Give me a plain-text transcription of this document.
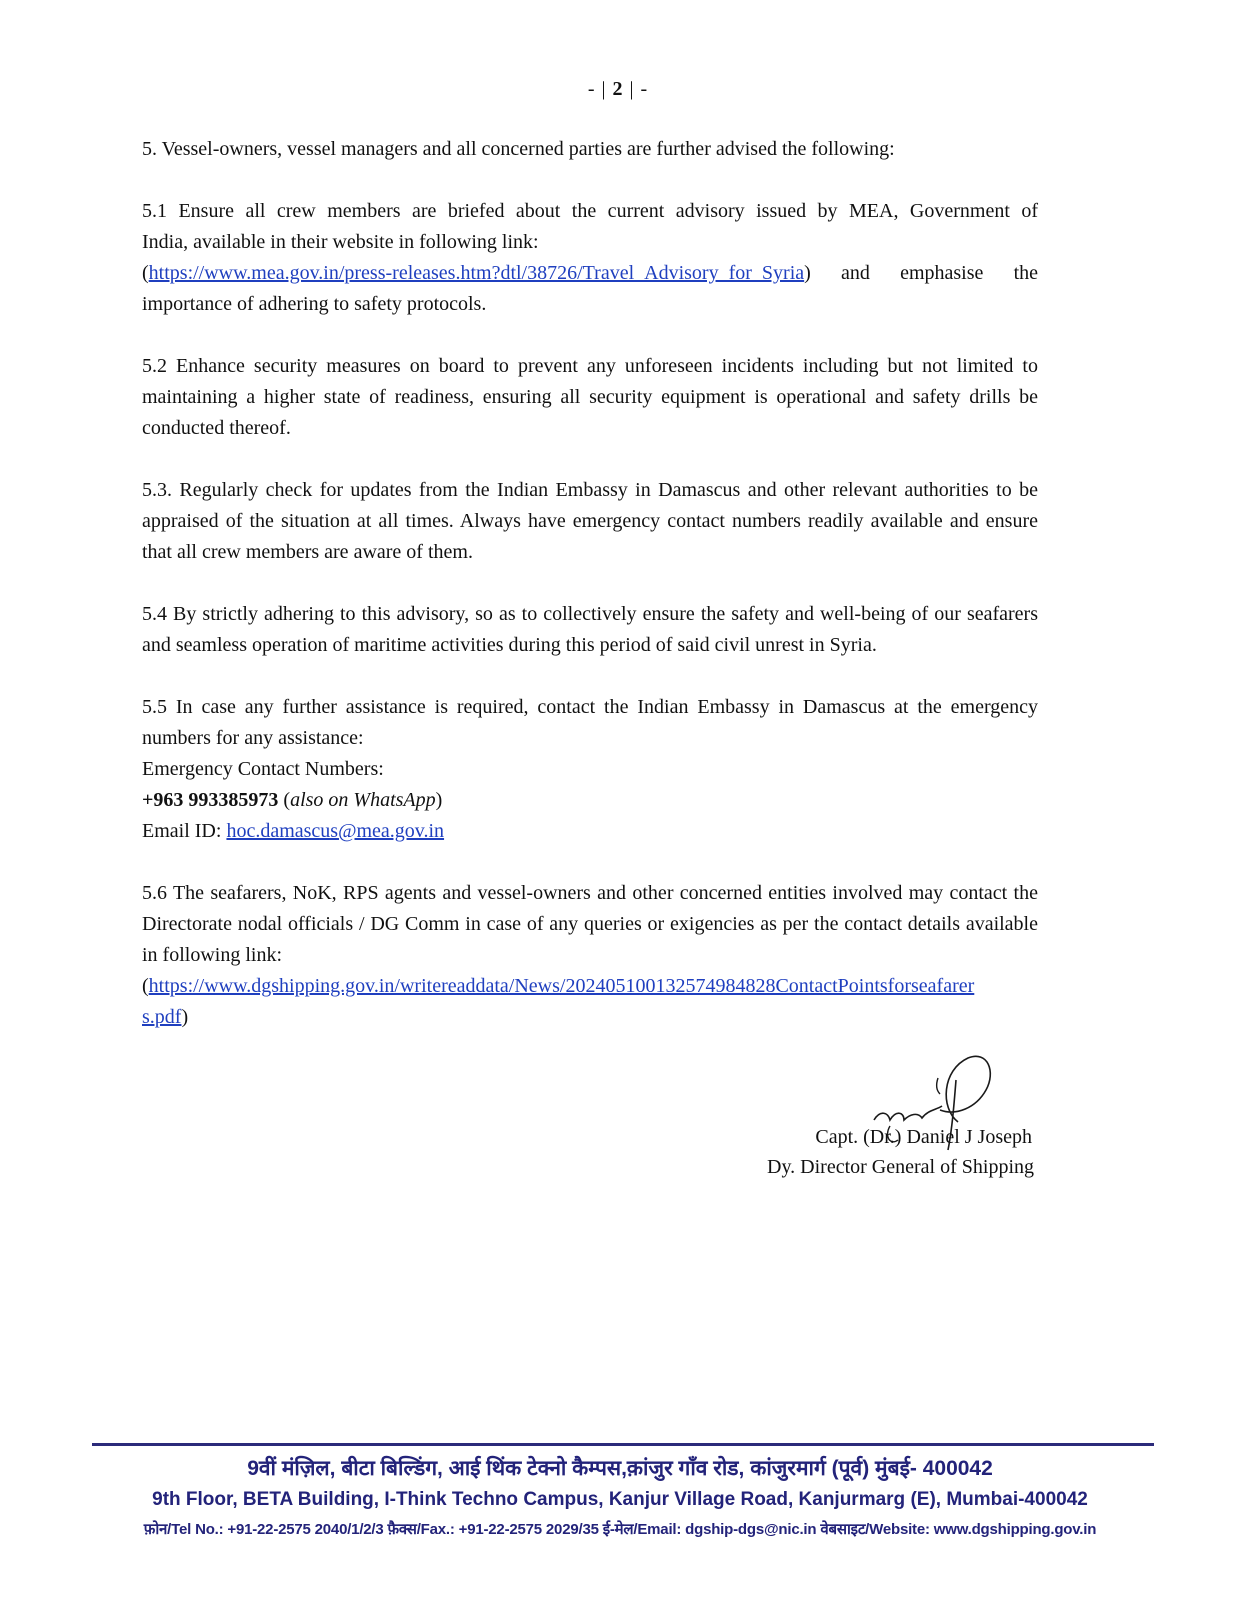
- | 2 | -

5. Vessel-owners, vessel managers and all concerned parties are further advised the following:

5.1 Ensure all crew members are briefed about the current advisory issued by MEA, Government of
India, available in their website in following link:
(https://www.mea.gov.in/press-releases.htm?dtl/38726/Travel_Advisory_for_Syria) and emphasise the
importance of adhering to safety protocols.

5.2 Enhance security measures on board to prevent any unforeseen incidents including but not limited to maintaining a higher state of readiness, ensuring all security equipment is operational and safety drills be conducted thereof.

5.3. Regularly check for updates from the Indian Embassy in Damascus and other relevant authorities to be appraised of the situation at all times. Always have emergency contact numbers readily available and ensure that all crew members are aware of them.

5.4 By strictly adhering to this advisory, so as to collectively ensure the safety and well-being of our seafarers and seamless operation of maritime activities during this period of said civil unrest in Syria.

5.5 In case any further assistance is required, contact the Indian Embassy in Damascus at the emergency numbers for any assistance:
Emergency Contact Numbers:
+963 993385973 (also on WhatsApp)
Email ID: hoc.damascus@mea.gov.in
5.6 The seafarers, NoK, RPS agents and vessel-owners and other concerned entities involved may contact the Directorate nodal officials / DG Comm in case of any queries or exigencies as per the contact details available in following link:
(https://www.dgshipping.gov.in/writereaddata/News/202405100132574984828ContactPointsforseafarer
s.pdf)
Capt. (Dr.) Daniel J Joseph
Dy. Director General of Shipping
9वीं मंज़िल, बीटा बिल्डिंग, आई थिंक टेक्नो कैम्पस,क़ांजुर गाँव रोड, कांजुरमार्ग (पूर्व) मुंबई- 400042
9th Floor, BETA Building, I-Think Techno Campus, Kanjur Village Road, Kanjurmarg (E), Mumbai-400042
फ़ोन/Tel No.: +91-22-2575 2040/1/2/3 फ़ैक्स/Fax.: +91-22-2575 2029/35 ई-मेल/Email: dgship-dgs@nic.in वेबसाइट/Website: www.dgshipping.gov.in
